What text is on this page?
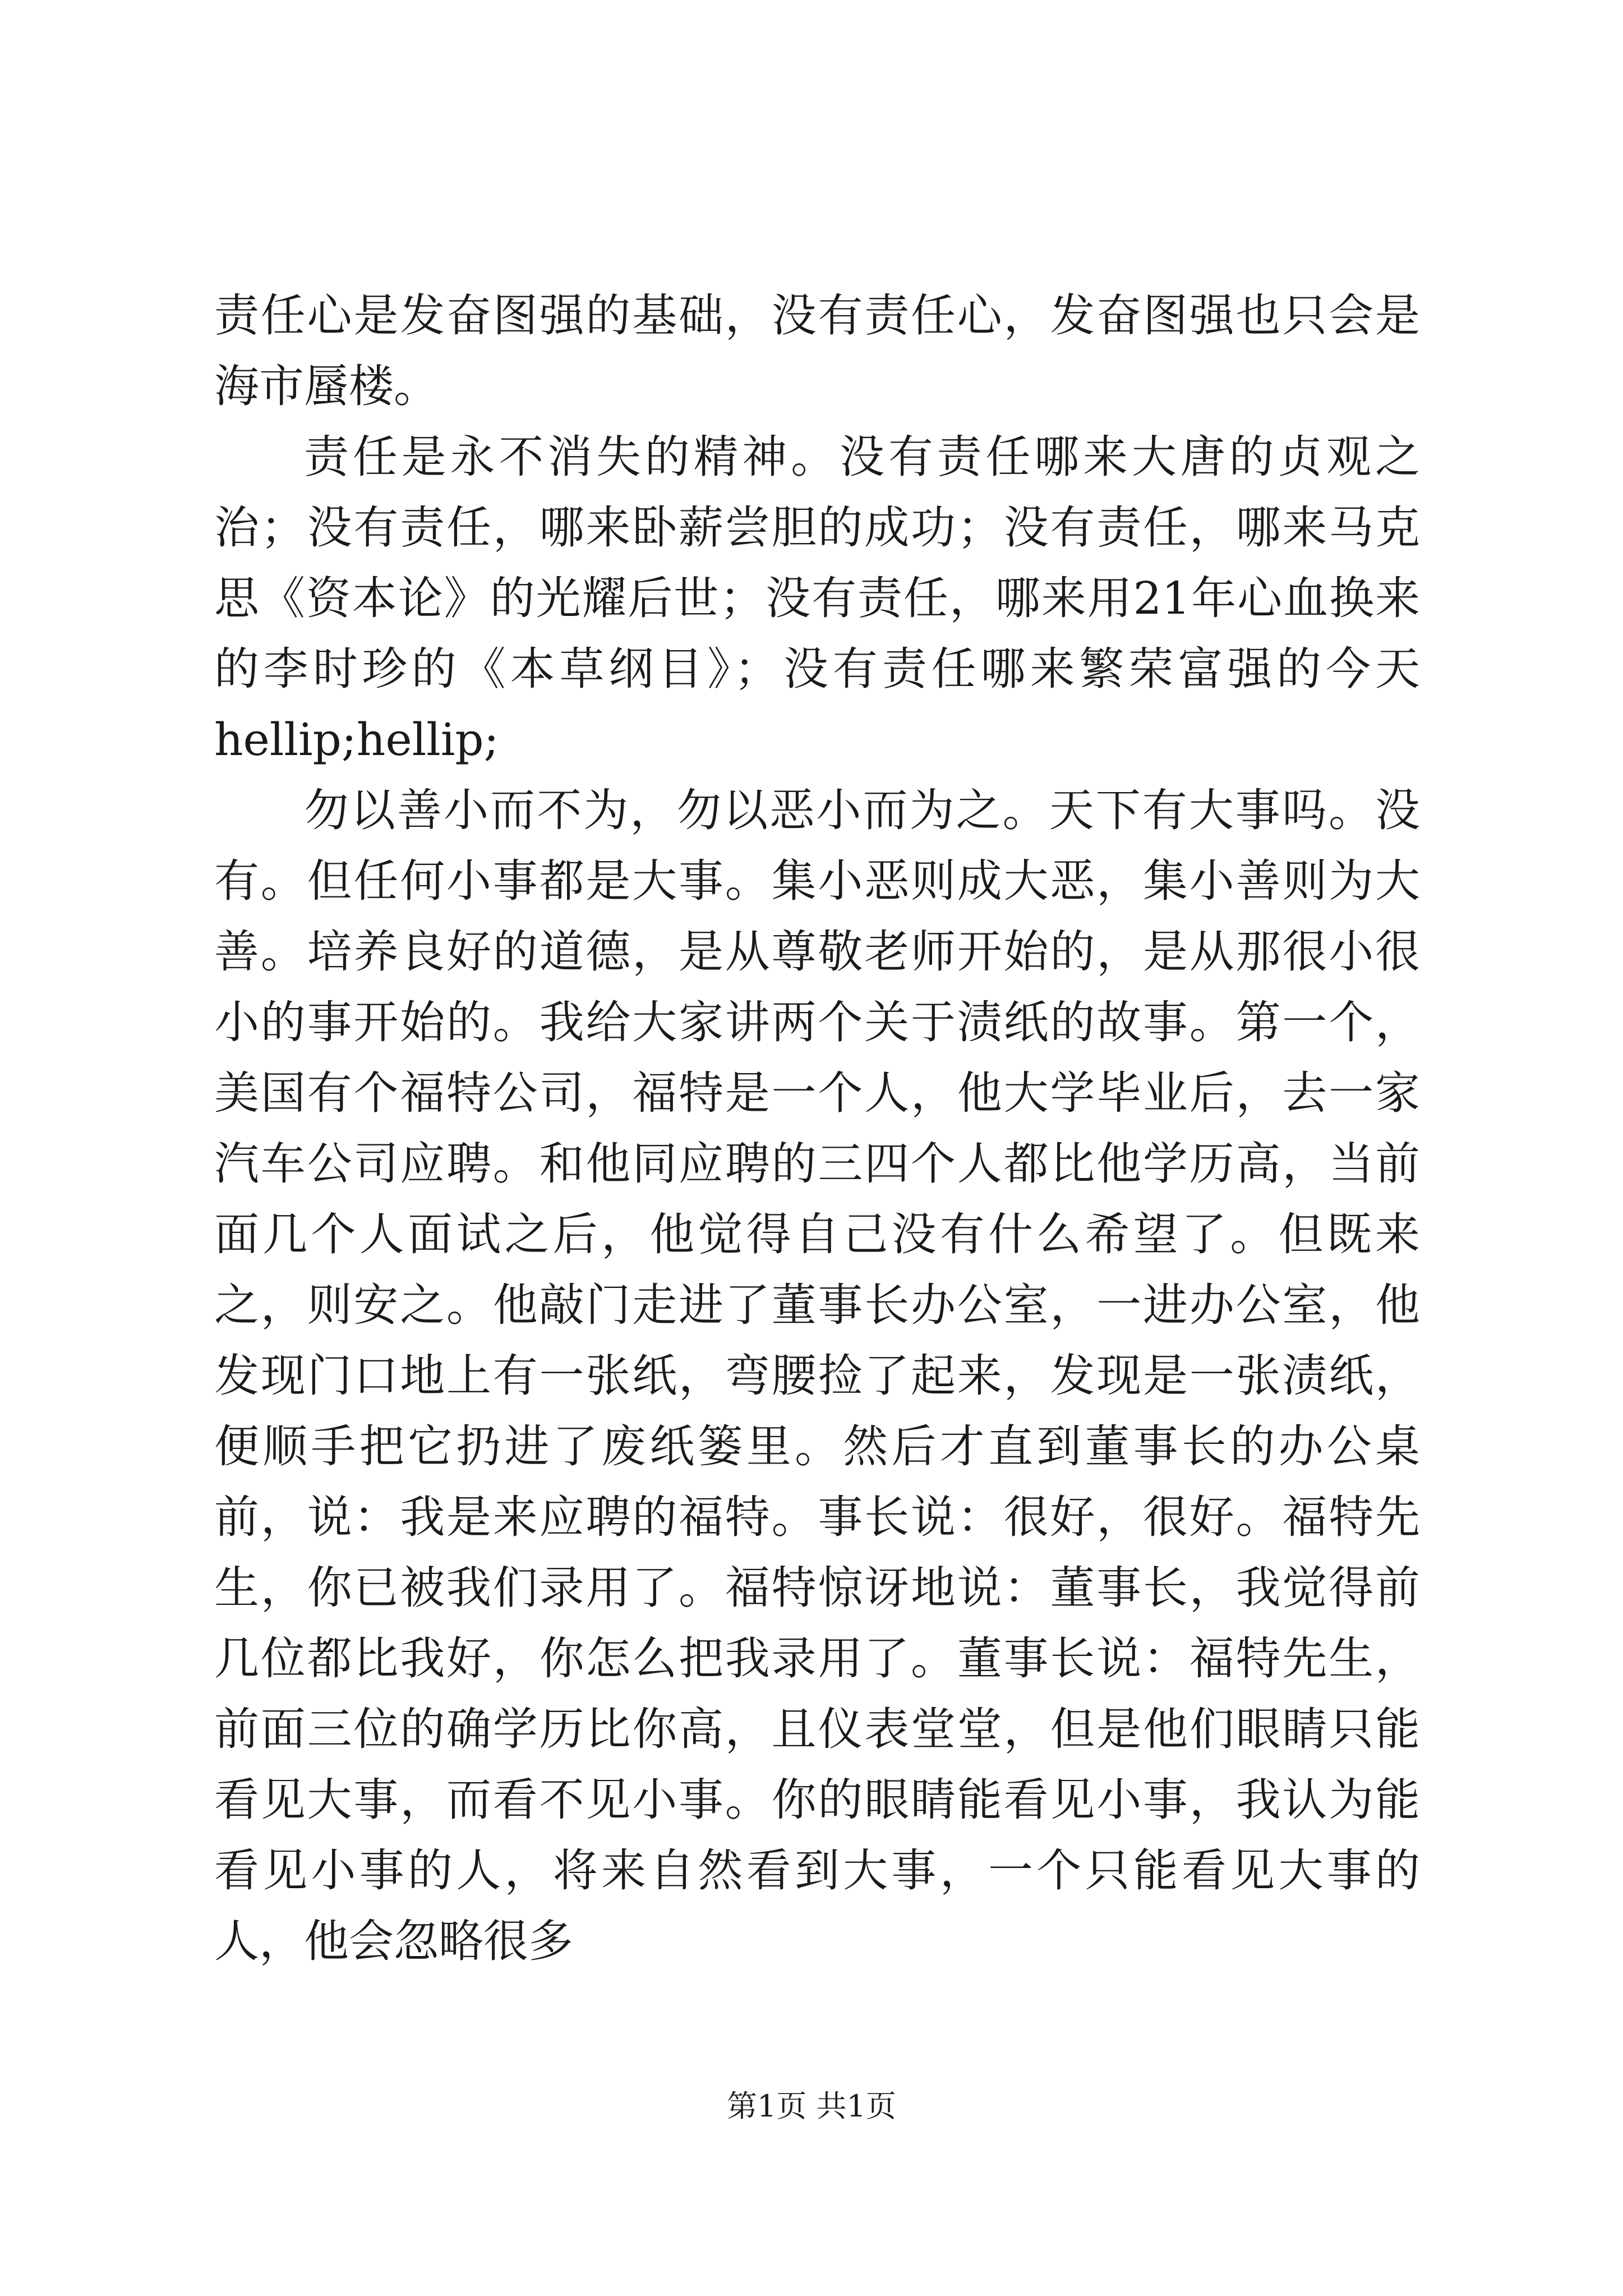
责任心是发奋图强的基础，没有责任心，发奋图强也只会是海市蜃楼。

责任是永不消失的精神。没有责任哪来大唐的贞观之治；没有责任，哪来卧薪尝胆的成功；没有责任，哪来马克思《资本论》的光耀后世；没有责任，哪来用21年心血换来的李时珍的《本草纲目》；没有责任哪来繁荣富强的今天hellip;hellip;

勿以善小而不为，勿以恶小而为之。天下有大事吗。没有。但任何小事都是大事。集小恶则成大恶，集小善则为大善。培养良好的道德，是从尊敬老师开始的，是从那很小很小的事开始的。我给大家讲两个关于渍纸的故事。第一个，美国有个福特公司，福特是一个人，他大学毕业后，去一家汽车公司应聘。和他同应聘的三四个人都比他学历高，当前面几个人面试之后，他觉得自己没有什么希望了。但既来之，则安之。他敲门走进了董事长办公室，一进办公室，他发现门口地上有一张纸，弯腰捡了起来，发现是一张渍纸，便顺手把它扔进了废纸篓里。然后才直到董事长的办公桌前，说：我是来应聘的福特。事长说：很好，很好。福特先生，你已被我们录用了。福特惊讶地说：董事长，我觉得前几位都比我好，你怎么把我录用了。董事长说：福特先生，前面三位的确学历比你高，且仪表堂堂，但是他们眼睛只能看见大事，而看不见小事。你的眼睛能看见小事，我认为能看见小事的人，将来自然看到大事，一个只能看见大事的人，他会忽略很多

第1页 共1页
